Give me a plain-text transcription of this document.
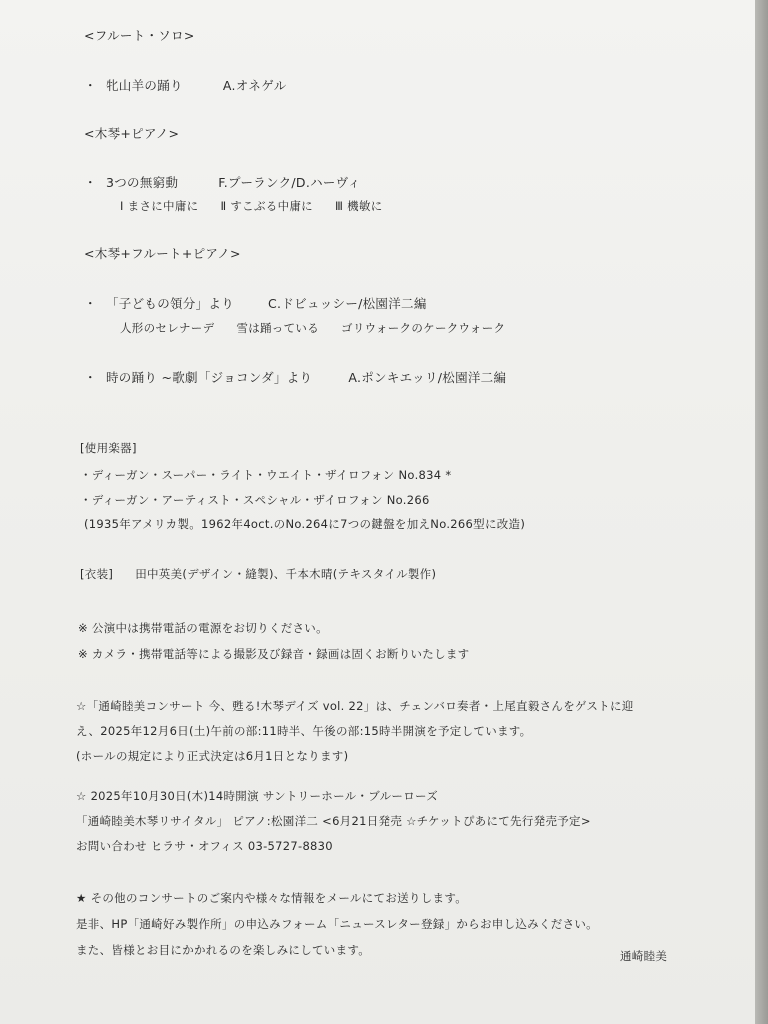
<フルート・ソロ>
・ 牝山羊の踊り	A.オネゲル
<木琴+ピアノ>
・ 3つの無窮動	F.プーランク/D.ハーヴィ
Ⅰ まさに中庸に Ⅱ すこぶる中庸に Ⅲ 機敏に
<木琴+フルート+ピアノ>
・ 「子どもの領分」より	C.ドビュッシー/松園洋二編
人形のセレナーデ 雪は踊っている ゴリウォークのケークウォーク
・ 時の踊り ~歌劇「ジョコンダ」より	A.ポンキエッリ/松園洋二編
[使用楽器]
・ディーガン・スーパー・ライト・ウエイト・ザイロフォン No.834 *
・ディーガン・アーティスト・スペシャル・ザイロフォン No.266
(1935年アメリカ製。1962年4oct.のNo.264に7つの鍵盤を加えNo.266型に改造)
[衣装] 田中英美(デザイン・縫製)、千本木晴(テキスタイル製作)
※ 公演中は携帯電話の電源をお切りください。
※ カメラ・携帯電話等による撮影及び録音・録画は固くお断りいたします
☆「通崎睦美コンサート 今、甦る!木琴デイズ vol. 22」は、チェンバロ奏者・上尾直毅さんをゲストに迎
え、2025年12月6日(土)午前の部:11時半、午後の部:15時半開演を予定しています。
(ホールの規定により正式決定は6月1日となります)
☆ 2025年10月30日(木)14時開演 サントリーホール・ブルーローズ
「通崎睦美木琴リサイタル」 ピアノ:松園洋二 <6月21日発売 ☆チケットぴあにて先行発売予定>
お問い合わせ ヒラサ・オフィス 03-5727-8830
★ その他のコンサートのご案内や様々な情報をメールにてお送りします。
是非、HP「通崎好み製作所」の申込みフォーム「ニュースレター登録」からお申し込みください。
また、皆様とお目にかかれるのを楽しみにしています。	通崎睦美
